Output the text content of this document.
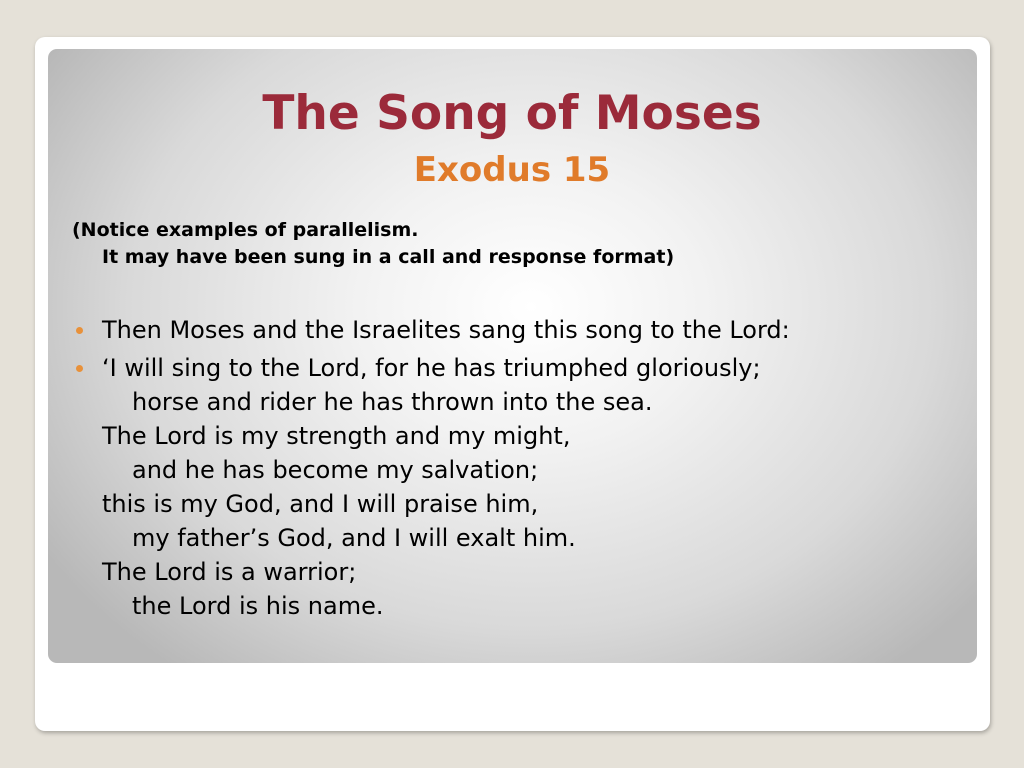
The Song of Moses
Exodus 15

(Notice examples of parallelism.
It may have been sung in a call and response format)

Then Moses and the Israelites sang this song to the Lord:
‘I will sing to the Lord, for he has triumphed gloriously;
horse and rider he has thrown into the sea.
The Lord is my strength and my might,
and he has become my salvation;
this is my God, and I will praise him,
my father’s God, and I will exalt him.
The Lord is a warrior;
the Lord is his name.
